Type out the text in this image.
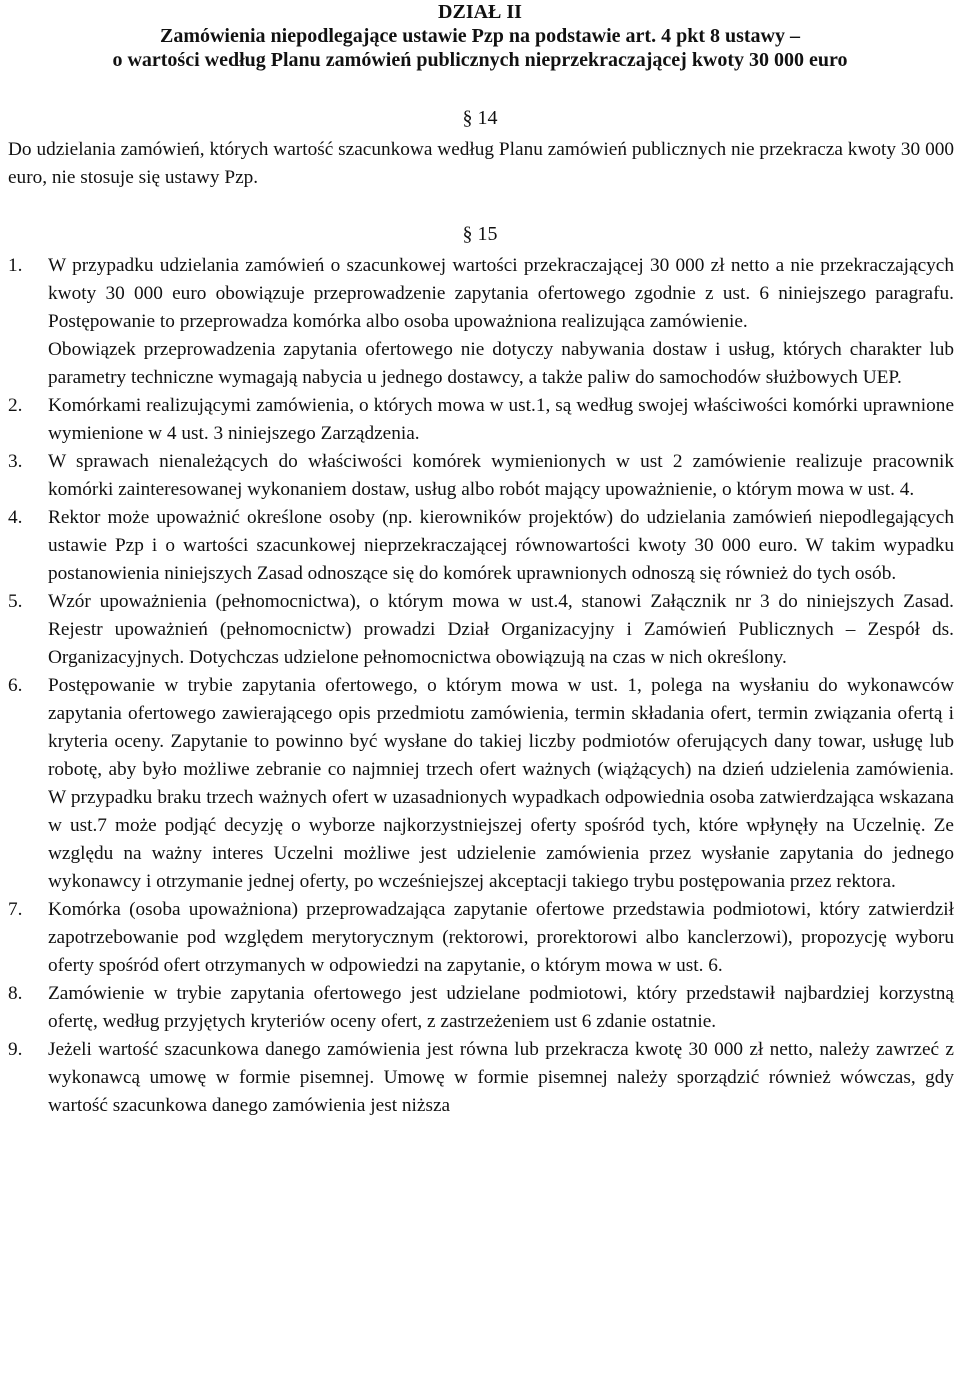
DZIAŁ II
Zamówienia niepodlegające ustawie Pzp na podstawie art. 4 pkt 8 ustawy –
o wartości według Planu zamówień publicznych nieprzekraczającej kwoty 30 000 euro
§ 14
Do udzielania zamówień, których wartość szacunkowa według Planu zamówień publicznych nie przekracza kwoty 30 000 euro, nie stosuje się ustawy Pzp.
§ 15
1. W przypadku udzielania zamówień o szacunkowej wartości przekraczającej 30 000 zł netto a nie przekraczających kwoty 30 000 euro obowiązuje przeprowadzenie zapytania ofertowego zgodnie z ust. 6 niniejszego paragrafu. Postępowanie to przeprowadza komórka albo osoba upoważniona realizująca zamówienie.
Obowiązek przeprowadzenia zapytania ofertowego nie dotyczy nabywania dostaw i usług, których charakter lub parametry techniczne wymagają nabycia u jednego dostawcy, a także paliw do samochodów służbowych UEP.
2. Komórkami realizującymi zamówienia, o których mowa w ust.1, są według swojej właściwości komórki uprawnione wymienione w 4 ust. 3 niniejszego Zarządzenia.
3. W sprawach nienależących do właściwości komórek wymienionych w ust 2 zamówienie realizuje pracownik komórki zainteresowanej wykonaniem dostaw, usług albo robót mający upoważnienie, o którym mowa w ust. 4.
4. Rektor może upoważnić określone osoby (np. kierowników projektów) do udzielania zamówień niepodlegających ustawie Pzp i o wartości szacunkowej nieprzekraczającej równowartości kwoty 30 000 euro. W takim wypadku postanowienia niniejszych Zasad odnoszące się do komórek uprawnionych odnoszą się również do tych osób.
5. Wzór upoważnienia (pełnomocnictwa), o którym mowa w ust.4, stanowi Załącznik nr 3 do niniejszych Zasad. Rejestr upoważnień (pełnomocnictw) prowadzi Dział Organizacyjny i Zamówień Publicznych – Zespół ds. Organizacyjnych. Dotychczas udzielone pełnomocnictwa obowiązują na czas w nich określony.
6. Postępowanie w trybie zapytania ofertowego, o którym mowa w ust. 1, polega na wysłaniu do wykonawców zapytania ofertowego zawierającego opis przedmiotu zamówienia, termin składania ofert, termin związania ofertą i kryteria oceny. Zapytanie to powinno być wysłane do takiej liczby podmiotów oferujących dany towar, usługę lub robotę, aby było możliwe zebranie co najmniej trzech ofert ważnych (wiążących) na dzień udzielenia zamówienia. W przypadku braku trzech ważnych ofert w uzasadnionych wypadkach odpowiednia osoba zatwierdzająca wskazana w ust.7 może podjąć decyzję o wyborze najkorzystniejszej oferty spośród tych, które wpłynęły na Uczelnię. Ze względu na ważny interes Uczelni możliwe jest udzielenie zamówienia przez wysłanie zapytania do jednego wykonawcy i otrzymanie jednej oferty, po wcześniejszej akceptacji takiego trybu postępowania przez rektora.
7. Komórka (osoba upoważniona) przeprowadzająca zapytanie ofertowe przedstawia podmiotowi, który zatwierdził zapotrzebowanie pod względem merytorycznym (rektorowi, prorektorowi albo kanclerzowi), propozycję wyboru oferty spośród ofert otrzymanych w odpowiedzi na zapytanie, o którym mowa w ust. 6.
8. Zamówienie w trybie zapytania ofertowego jest udzielane podmiotowi, który przedstawił najbardziej korzystną ofertę, według przyjętych kryteriów oceny ofert, z zastrzeżeniem ust 6 zdanie ostatnie.
9. Jeżeli wartość szacunkowa danego zamówienia jest równa lub przekracza kwotę 30 000 zł netto, należy zawrzeć z wykonawcą umowę w formie pisemnej. Umowę w formie pisemnej należy sporządzić również wówczas, gdy wartość szacunkowa danego zamówienia jest niższa
